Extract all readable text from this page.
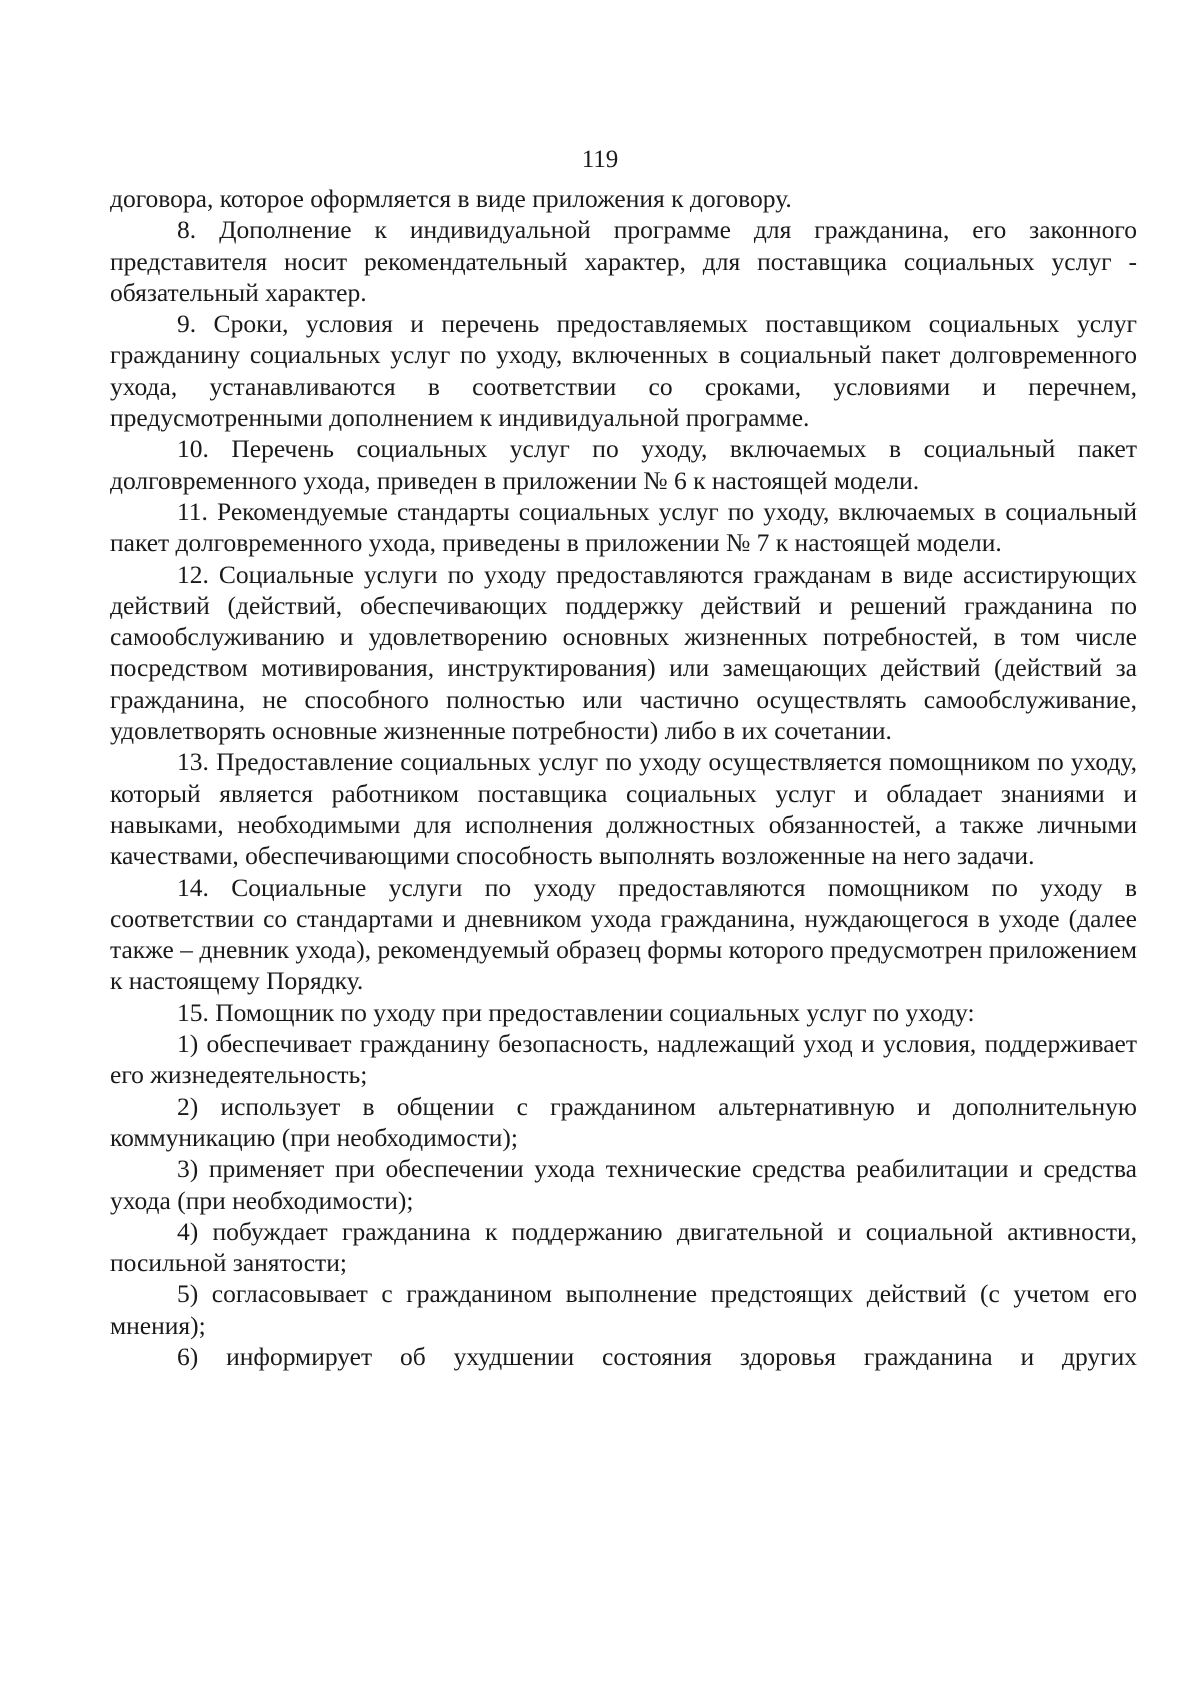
119

договора, которое оформляется в виде приложения к договору.

8. Дополнение к индивидуальной программе для гражданина, его законного представителя носит рекомендательный характер, для поставщика социальных услуг - обязательный характер.

9. Сроки, условия и перечень предоставляемых поставщиком социальных услуг гражданину социальных услуг по уходу, включенных в социальный пакет долговременного ухода, устанавливаются в соответствии со сроками, условиями и перечнем, предусмотренными дополнением к индивидуальной программе.

10. Перечень социальных услуг по уходу, включаемых в социальный пакет долговременного ухода, приведен в приложении № 6 к настоящей модели.

11. Рекомендуемые стандарты социальных услуг по уходу, включаемых в социальный пакет долговременного ухода, приведены в приложении № 7 к настоящей модели.

12. Социальные услуги по уходу предоставляются гражданам в виде ассистирующих действий (действий, обеспечивающих поддержку действий и решений гражданина по самообслуживанию и удовлетворению основных жизненных потребностей, в том числе посредством мотивирования, инструктирования) или замещающих действий (действий за гражданина, не способного полностью или частично осуществлять самообслуживание, удовлетворять основные жизненные потребности) либо в их сочетании.

13. Предоставление социальных услуг по уходу осуществляется помощником по уходу, который является работником поставщика социальных услуг и обладает знаниями и навыками, необходимыми для исполнения должностных обязанностей, а также личными качествами, обеспечивающими способность выполнять возложенные на него задачи.

14. Социальные услуги по уходу предоставляются помощником по уходу в соответствии со стандартами и дневником ухода гражданина, нуждающегося в уходе (далее также – дневник ухода), рекомендуемый образец формы которого предусмотрен приложением к настоящему Порядку.

15. Помощник по уходу при предоставлении социальных услуг по уходу:

1) обеспечивает гражданину безопасность, надлежащий уход и условия, поддерживает его жизнедеятельность;

2) использует в общении с гражданином альтернативную и дополнительную коммуникацию (при необходимости);

3) применяет при обеспечении ухода технические средства реабилитации и средства ухода (при необходимости);

4) побуждает гражданина к поддержанию двигательной и социальной активности, посильной занятости;

5) согласовывает с гражданином выполнение предстоящих действий (с учетом его мнения);

6) информирует об ухудшении состояния здоровья гражданина и других
